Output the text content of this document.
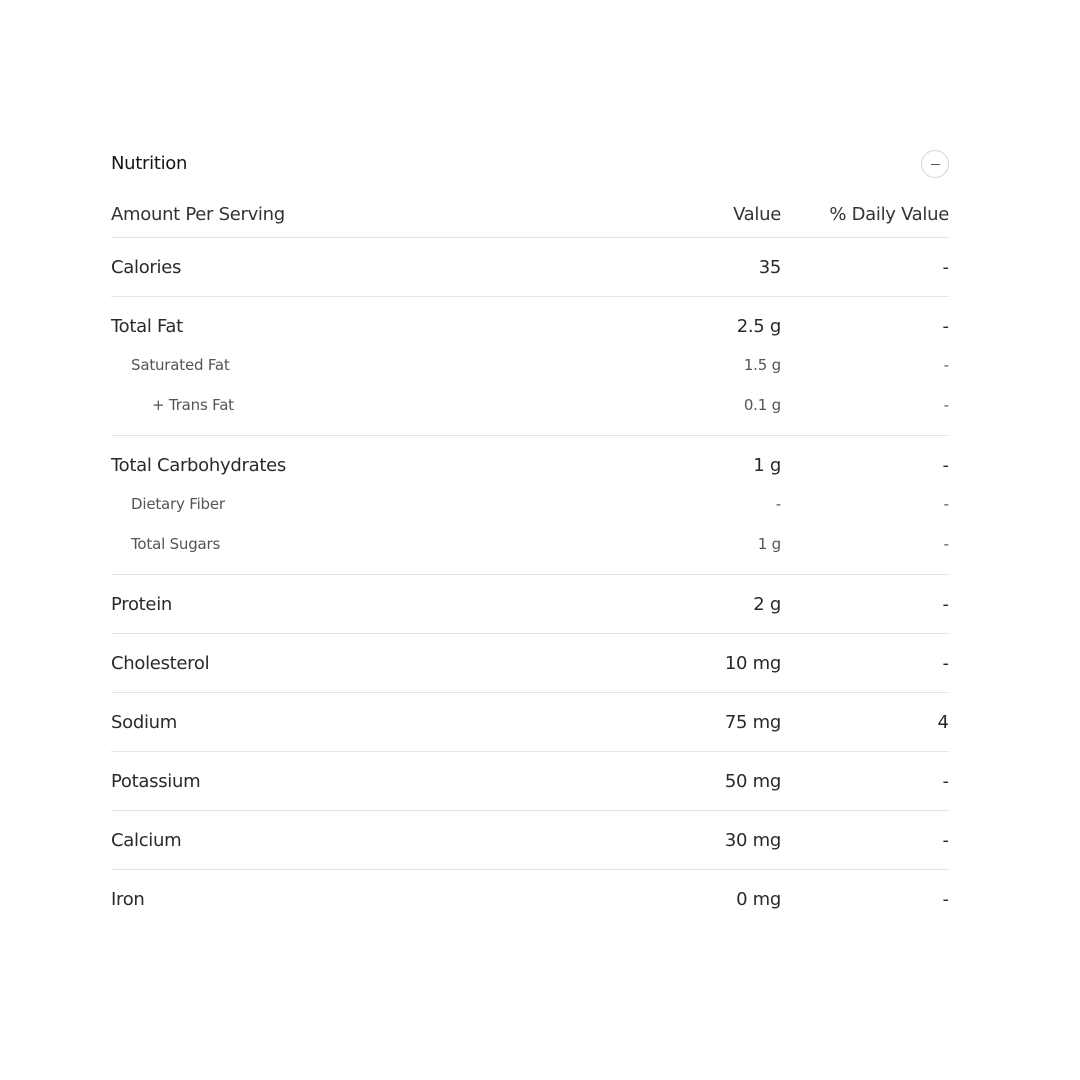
Nutrition
Amount Per Serving	Value	% Daily Value
Calories	35	-
Total Fat	2.5 g	-
Saturated Fat	1.5 g	-
+ Trans Fat	0.1 g	-
Total Carbohydrates	1 g	-
Dietary Fiber	-	-
Total Sugars	1 g	-
Protein	2 g	-
Cholesterol	10 mg	-
Sodium	75 mg	4
Potassium	50 mg	-
Calcium	30 mg	-
Iron	0 mg	-
